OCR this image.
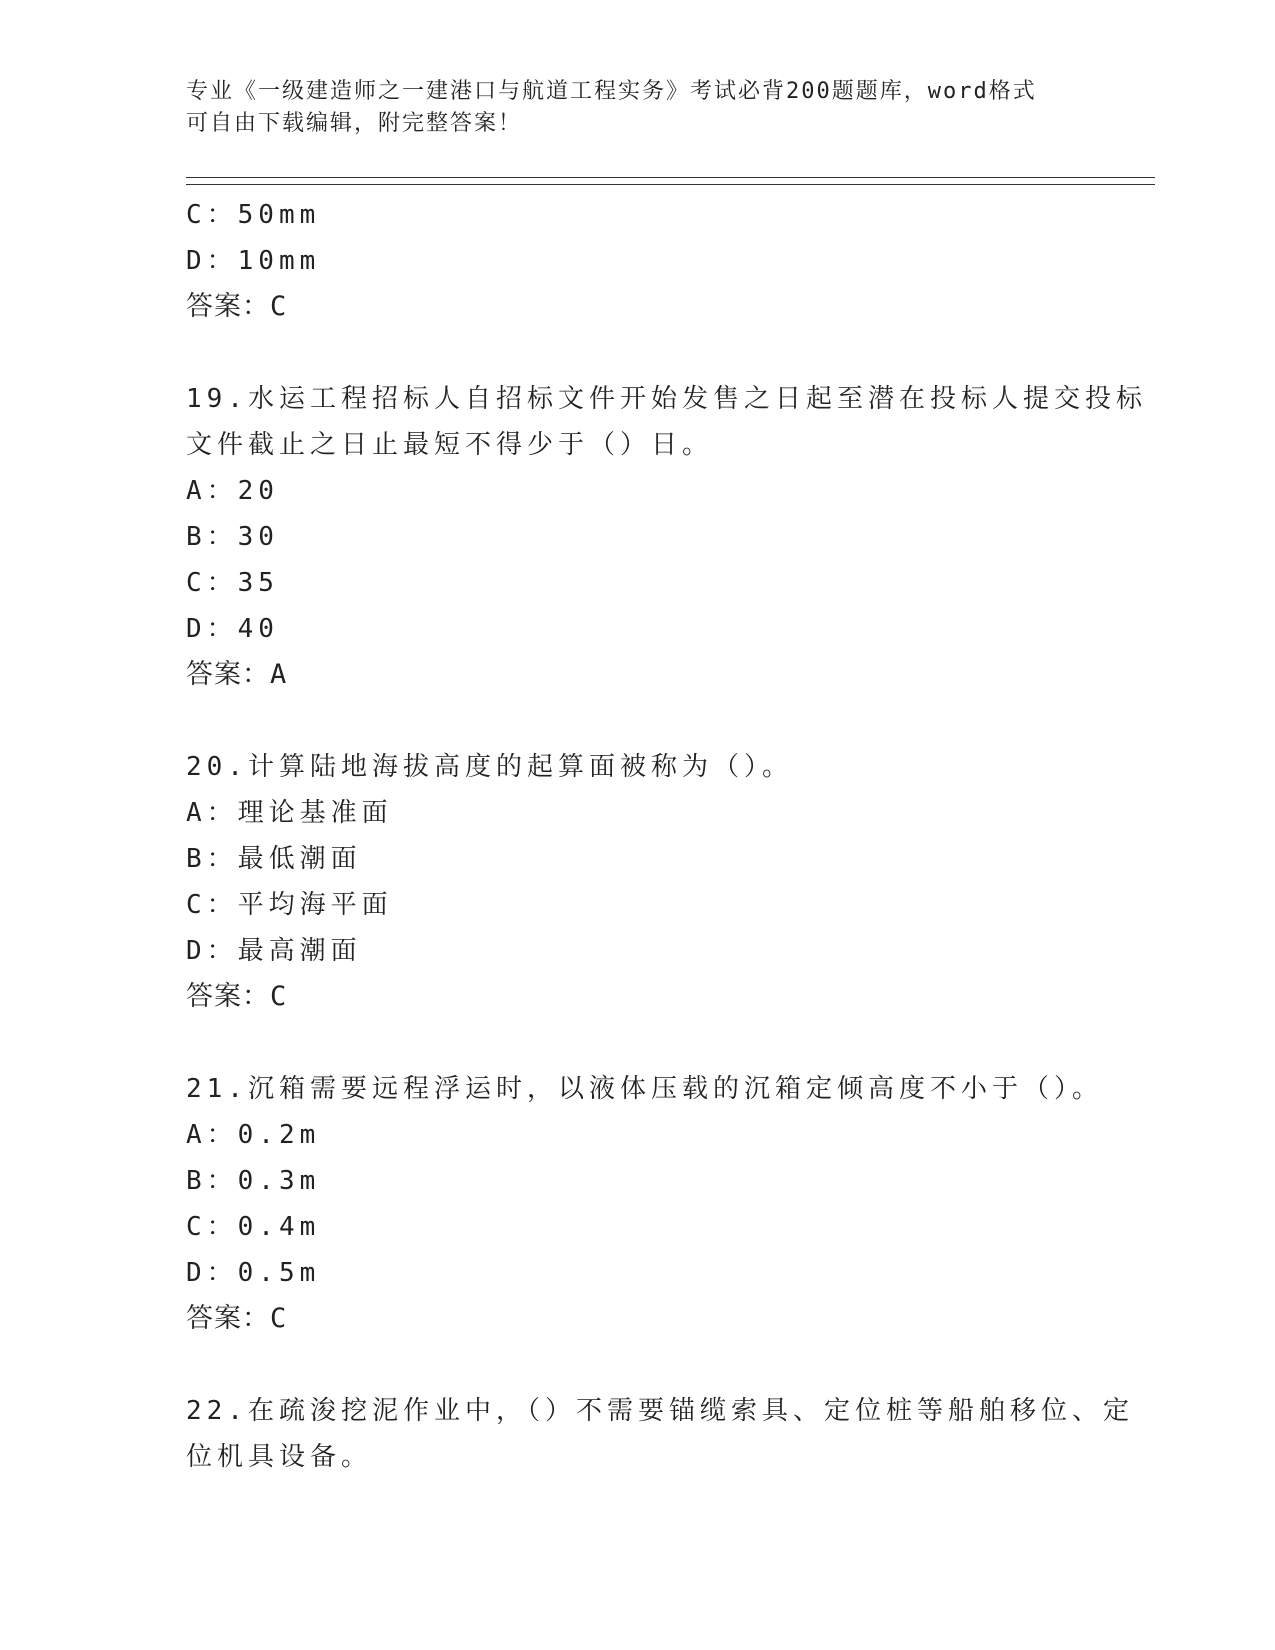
专业《一级建造师之一建港口与航道工程实务》考试必背200题题库，word格式
可自由下载编辑，附完整答案！
C：50mm
D：10mm
答案：C
19.水运工程招标人自招标文件开始发售之日起至潜在投标人提交投标
文件截止之日止最短不得少于（）日。
A：20
B：30
C：35
D：40
答案：A
20.计算陆地海拔高度的起算面被称为（）。
A：理论基准面
B：最低潮面
C：平均海平面
D：最高潮面
答案：C
21.沉箱需要远程浮运时，以液体压载的沉箱定倾高度不小于（）。
A：0.2m
B：0.3m
C：0.4m
D：0.5m
答案：C
22.在疏浚挖泥作业中，（）不需要锚缆索具、定位桩等船舶移位、定
位机具设备。
